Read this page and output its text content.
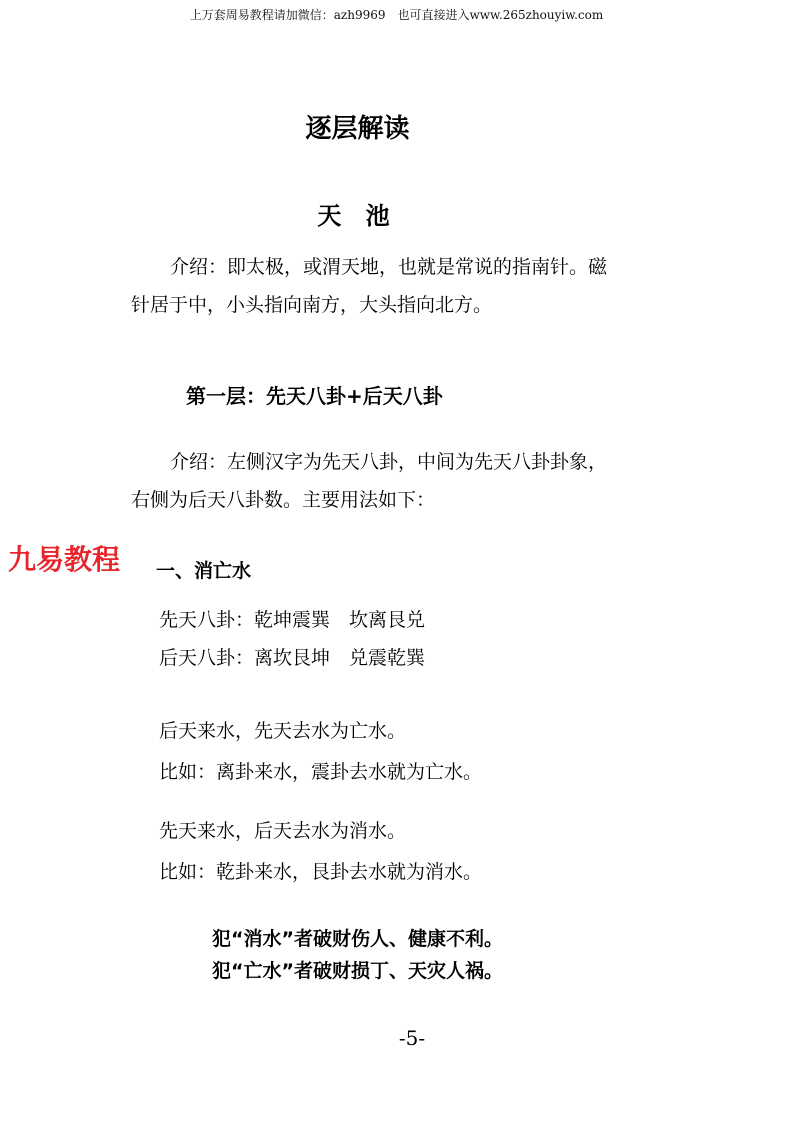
上万套周易教程请加微信：azh9969　也可直接进入www.265zhouyiw.com
逐层解读
天 池
介绍：即太极，或渭天地，也就是常说的指南针。磁
针居于中，小头指向南方，大头指向北方。
第一层：先天八卦+后天八卦
介绍：左侧汉字为先天八卦，中间为先天八卦卦象，
右侧为后天八卦数。主要用法如下：
九易教程 一、消亡水
先天八卦：乾坤震巽　坎离艮兑
后天八卦：离坎艮坤　兑震乾巽
后天来水，先天去水为亡水。
比如：离卦来水，震卦去水就为亡水。
先天来水，后天去水为消水。
比如：乾卦来水，艮卦去水就为消水。
犯“消水”者破财伤人、健康不利。
犯“亡水”者破财损丁、天灾人祸。
-5-
